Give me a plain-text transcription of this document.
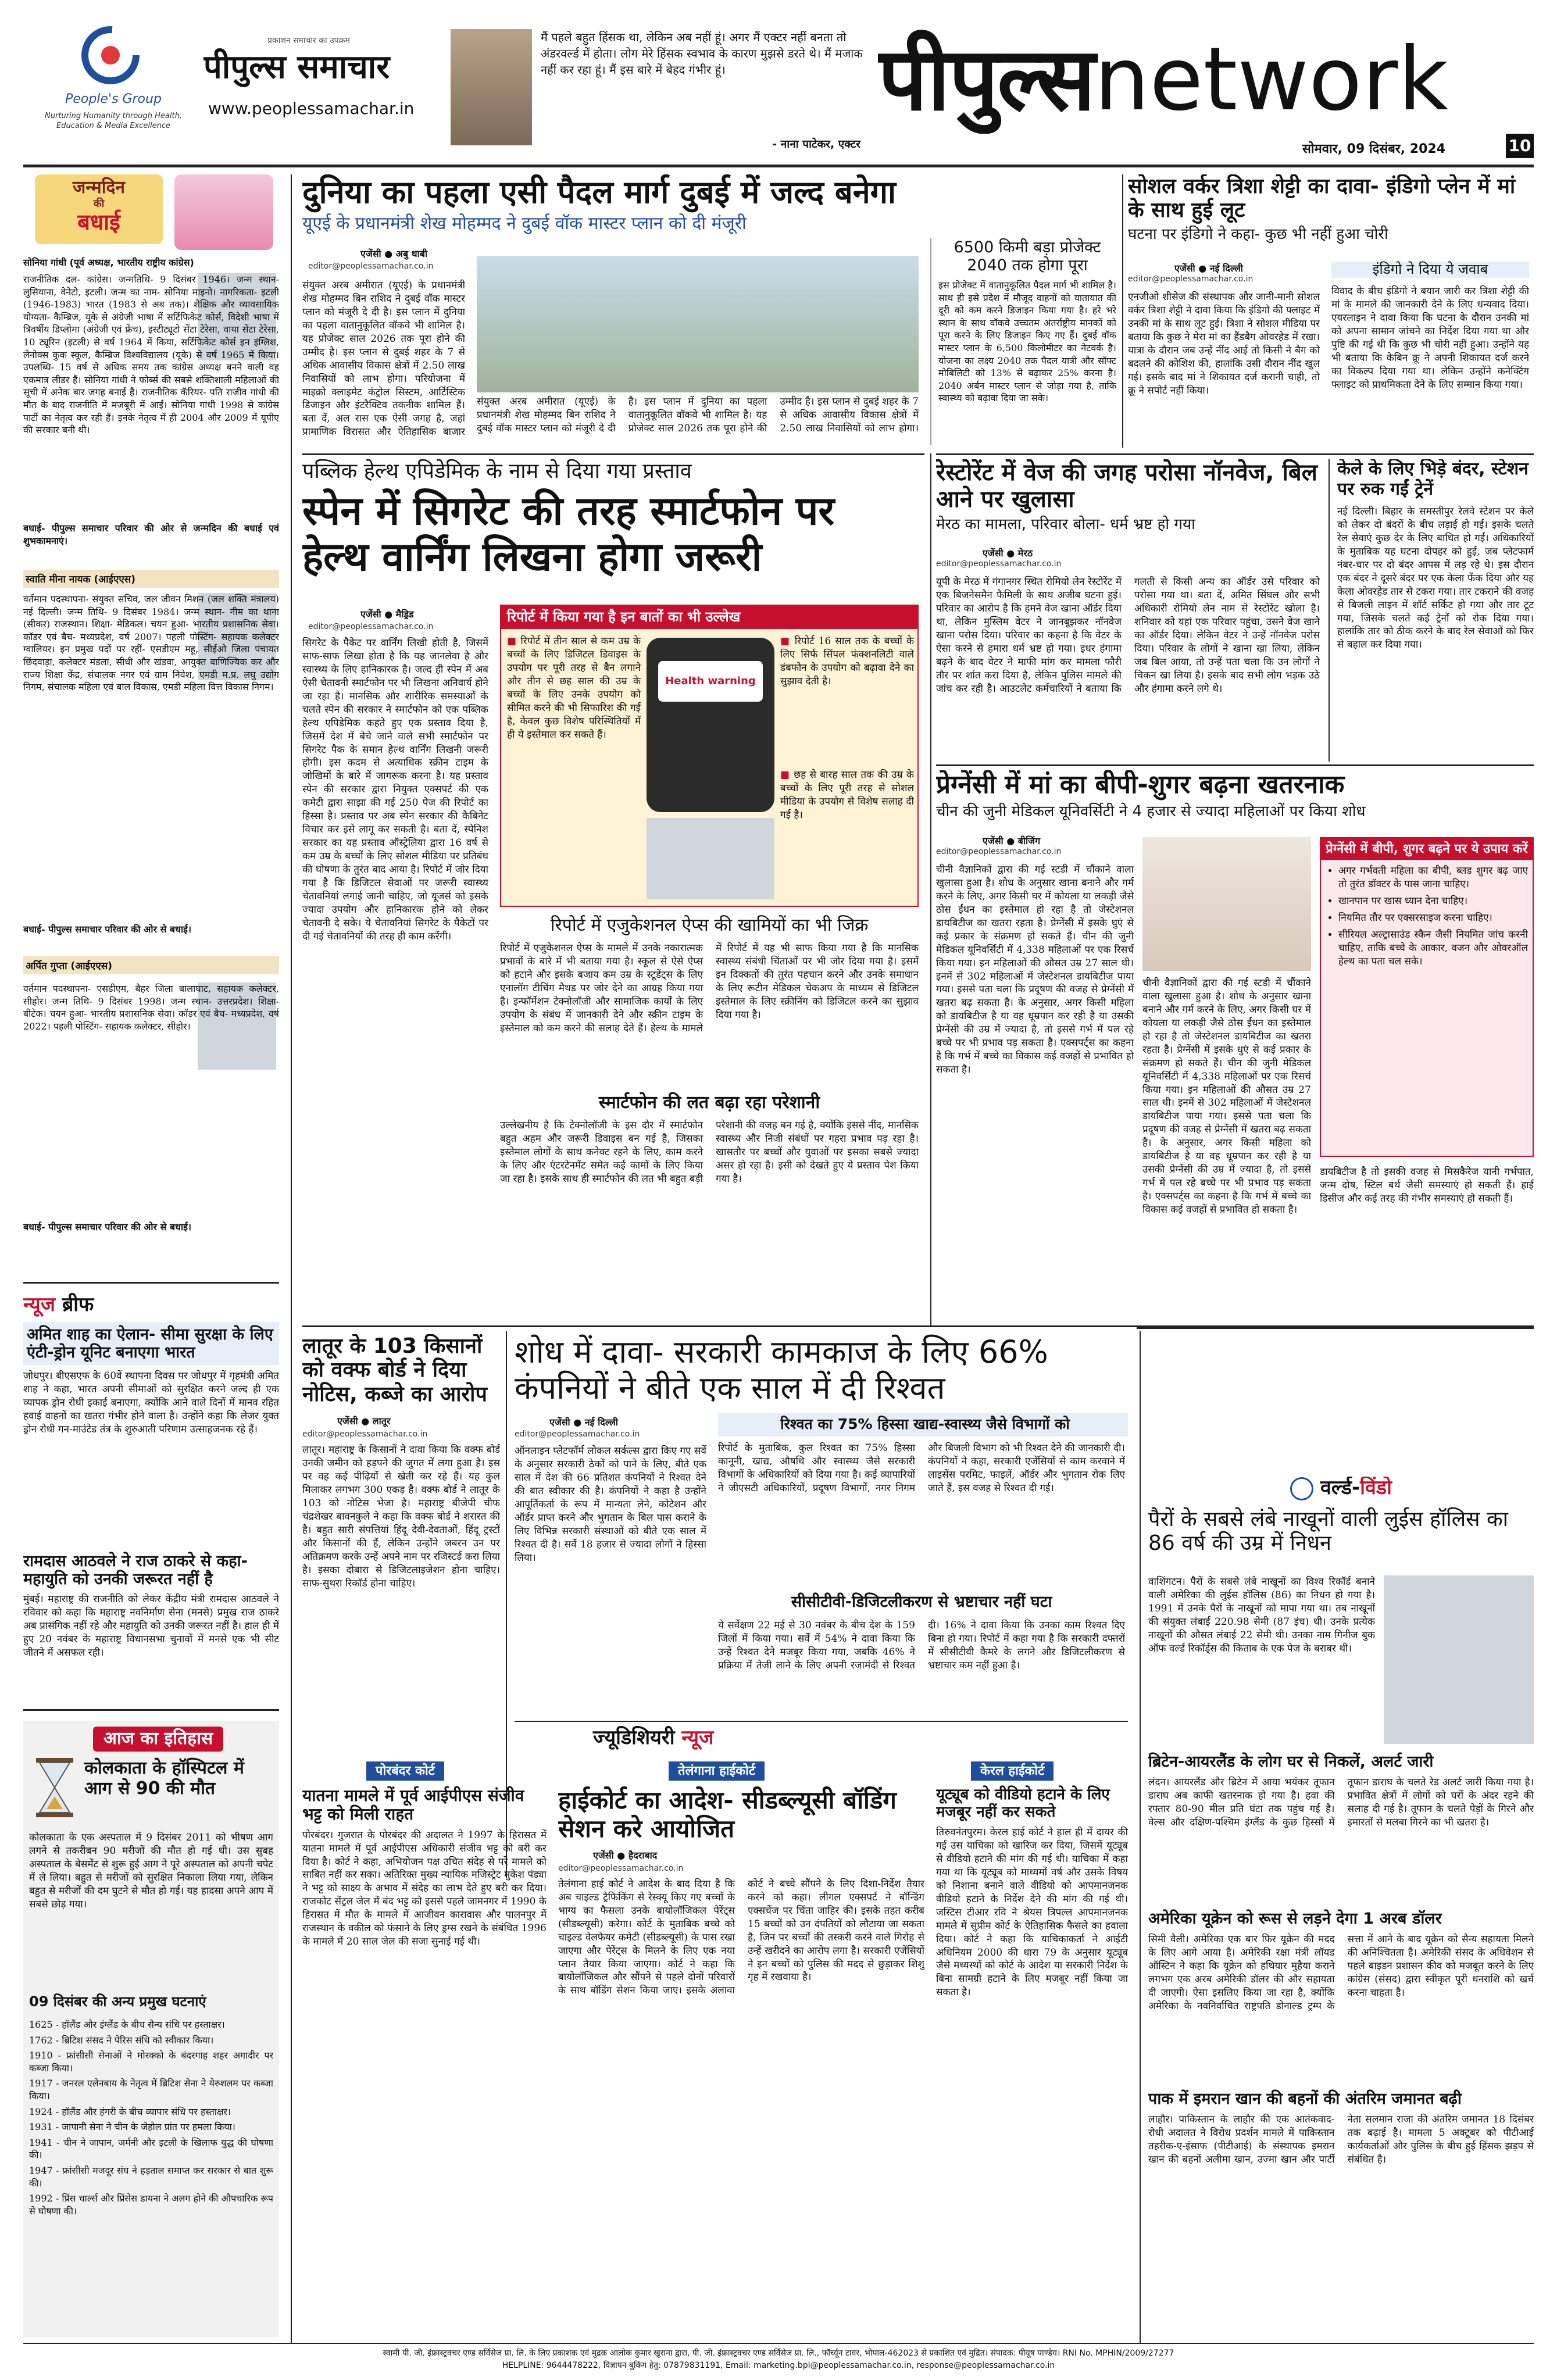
People's Group
Nurturing Humanity through Health, Education & Media Excellence
प्रकाशन समाचार का उपक्रम
पीपुल्स समाचार
www.peoplessamachar.in
मैं पहले बहुत हिंसक था, लेकिन अब नहीं हूं। अगर मैं एक्टर नहीं बनता तो अंडरवर्ल्ड में होता। लोग मेरे हिंसक स्वभाव के कारण मुझसे डरते थे। मैं मजाक नहीं कर रहा हूं। मैं इस बारे में बेहद गंभीर हूं।
- नाना पाटेकर, एक्टर
पीपुल्सnetwork
सोमवार, 09 दिसंबर, 2024	10
जन्मदिन
की
बधाई
सोनिया गांधी (पूर्व अध्यक्ष, भारतीय राष्ट्रीय कांग्रेस)
राजनीतिक दल- कांग्रेस। जन्मतिथि- 9 दिसंबर 1946। जन्म स्थान- लुसियाना, वेनेटो, इटली। जन्म का नाम- सोनिया माइनो। नागरिकता- इटली (1946-1983) भारत (1983 से अब तक)। शैक्षिक और व्यावसायिक योग्यता- कैम्ब्रिज, यूके से अंग्रेजी भाषा में सर्टिफिकेट कोर्स, विदेशी भाषा में त्रिवर्षीय डिप्लोमा (अंग्रेजी एवं फ्रेंच), इस्टीट्यूटो सेंटा टेरेसा, वाया सेंटा टेरेसा, 10 ट्यूरिन (इटली) से वर्ष 1964 में किया, सर्टिफिकेट कोर्स इन इंग्लिश, लेनोक्स कुक स्कूल, कैम्ब्रिज विश्वविद्यालय (यूके) से वर्ष 1965 में किया। उपलब्धि- 15 वर्ष से अधिक समय तक कांग्रेस अध्यक्ष बनने वाली वह एकमात्र लीडर हैं। सोनिया गांधी ने फोर्ब्स की सबसे शक्तिशाली महिलाओं की सूची में अनेक बार जगह बनाई है। राजनीतिक कॅरियर- पति राजीव गांधी की मौत के बाद राजनीति में मजबूरी में आईं। सोनिया गांधी 1998 से कांग्रेस पार्टी का नेतृत्व कर रही हैं। इनके नेतृत्व में ही 2004 और 2009 में यूपीए की सरकार बनी थी।
बधाई- पीपुल्स समाचार परिवार की ओर से जन्मदिन की बधाई एवं शुभकामनाएं।
स्वाति मीना नायक (आईएएस)
वर्तमान पदस्थापना- संयुक्त सचिव, जल जीवन मिशन (जल शक्ति मंत्रालय) नई दिल्ली। जन्म तिथि- 9 दिसंबर 1984। जन्म स्थान- नीम का थाना (सीकर) राजस्थान। शिक्षा- मेडिकल। चयन हुआ- भारतीय प्रशासनिक सेवा। कॉडर एवं बैच- मध्यप्रदेश, वर्ष 2007। पहली पोस्टिंग- सहायक कलेक्टर ग्वालियर। इन प्रमुख पदों पर रहीं- एसडीएम महू, सीईओ जिला पंचायत छिंदवाड़ा, कलेक्टर मंडला, सीधी और खंडवा, आयुक्त वाणिज्यिक कर और राज्य शिक्षा केंद्र, संचालक नगर एवं ग्राम निवेश, एमडी म.प्र. लघु उद्योग निगम, संचालक महिला एवं बाल विकास, एमडी महिला वित्त विकास निगम।
बधाई- पीपुल्स समाचार परिवार की ओर से बधाई।
अर्पित गुप्ता (आईएएस)
वर्तमान पदस्थापना- एसडीएम, बैहर जिला बालाघाट, सहायक कलेक्टर, सीहोर। जन्म तिथि- 9 दिसंबर 1998। जन्म स्थान- उत्तरप्रदेश। शिक्षा- बीटेक। चयन हुआ- भारतीय प्रशासनिक सेवा। कॉडर एवं बैच- मध्यप्रदेश, वर्ष 2022। पहली पोस्टिंग- सहायक कलेक्टर, सीहोर।
बधाई- पीपुल्स समाचार परिवार की ओर से बधाई।
न्यूज ब्रीफ
अमित शाह का ऐलान- सीमा सुरक्षा के लिए एंटी-ड्रोन यूनिट बनाएगा भारत
जोधपुर। बीएसएफ के 60वें स्थापना दिवस पर जोधपुर में गृहमंत्री अमित शाह ने कहा, भारत अपनी सीमाओं को सुरक्षित करने जल्द ही एक व्यापक ड्रोन रोधी इकाई बनाएगा, क्योंकि आने वाले दिनों में मानव रहित हवाई वाहनों का खतरा गंभीर होने वाला है। उन्होंने कहा कि लेजर युक्त ड्रोन रोधी गन-माउंटेड तंत्र के शुरुआती परिणाम उत्साहजनक रहे हैं।
रामदास आठवले ने राज ठाकरे से कहा- महायुति को उनकी जरूरत नहीं है
मुंबई। महाराष्ट्र की राजनीति को लेकर केंद्रीय मंत्री रामदास आठवले ने रविवार को कहा कि महाराष्ट्र नवनिर्माण सेना (मनसे) प्रमुख राज ठाकरे अब प्रासंगिक नहीं रहे और महायुति को उनकी जरूरत नहीं है। हाल ही में हुए 20 नवंबर के महाराष्ट्र विधानसभा चुनावों में मनसे एक भी सीट जीतने में असफल रही।
आज का इतिहास
कोलकाता के हॉस्पिटल में आग से 90 की मौत
कोलकाता के एक अस्पताल में 9 दिसंबर 2011 को भीषण आग लगने से तकरीबन 90 मरीजों की मौत हो गई थी। उस सुबह अस्पताल के बेसमेंट से शुरू हुई आग ने पूरे अस्पताल को अपनी चपेट में ले लिया। बहुत से मरीजों को सुरक्षित निकाला लिया गया, लेकिन बहुत से मरीजों की दम घुटने से मौत हो गई। यह हादसा अपने आप में सबसे छोड़ गया।
09 दिसंबर की अन्य प्रमुख घटनाएं
1625 - हॉलैंड और इंग्लैंड के बीच सैन्य संधि पर हस्ताक्षर।
1762 - ब्रिटिश संसद ने पेरिस संधि को स्वीकार किया।
1910 - फ्रांसीसी सेनाओं ने मोरक्को के बंदरगाह शहर अगादीर पर कब्जा किया।
1917 - जनरल एलेनबाय के नेतृत्व में ब्रिटिश सेना ने येरुशलम पर कब्जा किया।
1924 - हॉलैंड और हंगरी के बीच व्यापार संधि पर हस्ताक्षर।
1931 - जापानी सेना ने चीन के जेहोल प्रांत पर हमला किया।
1941 - चीन ने जापान, जर्मनी और इटली के खिलाफ युद्ध की घोषणा की।
1947 - फ्रांसीसी मजदूर संघ ने हड़ताल समाप्त कर सरकार से बात शुरू की।
1992 - प्रिंस चार्ल्स और प्रिंसेस डायना ने अलग होने की औपचारिक रूप से घोषणा की।
दुनिया का पहला एसी पैदल मार्ग दुबई में जल्द बनेगा
यूएई के प्रधानमंत्री शेख मोहम्मद ने दुबई वॉक मास्टर प्लान को दी मंजूरी
एजेंसी ● अबु धाबी
editor@peoplessamachar.co.in
संयुक्त अरब अमीरात (यूएई) के प्रधानमंत्री शेख मोहम्मद बिन राशिद ने दुबई वॉक मास्टर प्लान को मंजूरी दे दी है। इस प्लान में दुनिया का पहला वातानुकूलित वॉकवे भी शामिल है। यह प्रोजेक्ट साल 2026 तक पूरा होने की उम्मीद है। इस प्लान से दुबई शहर के 7 से अधिक आवासीय विकास क्षेत्रों में 2.50 लाख निवासियों को लाभ होगा। परियोजना में माइक्रो क्लाइमेट कंट्रोल सिस्टम, आर्टिस्टिक डिजाइन और इंटरैक्टिव तकनीक शामिल हैं। बता दें, अल रास एक ऐसी जगह है, जहां प्रामाणिक विरासत और ऐतिहासिक बाजार
संयुक्त अरब अमीरात (यूएई) के प्रधानमंत्री शेख मोहम्मद बिन राशिद ने दुबई वॉक मास्टर प्लान को मंजूरी दे दी है। इस प्लान में दुनिया का पहला वातानुकूलित वॉकवे भी शामिल है। यह प्रोजेक्ट साल 2026 तक पूरा होने की उम्मीद है। इस प्लान से दुबई शहर के 7 से अधिक आवासीय विकास क्षेत्रों में 2.50 लाख निवासियों को लाभ होगा।
6500 किमी बड़ा प्रोजेक्ट 2040 तक होगा पूरा
इस प्रोजेक्ट में वातानुकूलित पैदल मार्ग भी शामिल है। साथ ही इसे प्रदेश में मौजूद वाहनों को यातायात की दूरी को कम करने डिजाइन किया गया है। हरे भरे स्थान के साथ वॉकवे उच्चतम अंतर्राष्ट्रीय मानकों को पूरा करने के लिए डिजाइन किए गए हैं। दुबई वॉक मास्टर प्लान के 6,500 किलोमीटर का नेटवर्क है। योजना का लक्ष्य 2040 तक पैदल यात्री और सॉफ्ट मोबिलिटी को 13% से बढ़ाकर 25% करना है। 2040 अर्बन मास्टर प्लान से जोड़ा गया है, ताकि स्वास्थ्य को बढ़ावा दिया जा सके।
पब्लिक हेल्थ एपिडेमिक के नाम से दिया गया प्रस्ताव
स्पेन में सिगरेट की तरह स्मार्टफोन पर हेल्थ वार्निंग लिखना होगा जरूरी
एजेंसी ● मैड्रिड
editor@peoplessamachar.co.in
सिगरेट के पैकेट पर वार्निंग लिखी होती है, जिसमें साफ-साफ लिखा होता है कि यह जानलेवा है और स्वास्थ्य के लिए हानिकारक है। जल्द ही स्पेन में अब ऐसी चेतावनी स्मार्टफोन पर भी लिखना अनिवार्य होने जा रहा है। मानसिक और शारीरिक समस्याओं के चलते स्पेन की सरकार ने स्मार्टफोन को एक पब्लिक हेल्थ एपिडेमिक कहते हुए एक प्रस्ताव दिया है, जिसमें देश में बेचे जाने वाले सभी स्मार्टफोन पर सिगरेट पैक के समान हेल्थ वार्निंग लिखनी जरूरी होगी। इस कदम से अत्याधिक स्क्रीन टाइम के जोखिमों के बारे में जागरूक करना है। यह प्रस्ताव स्पेन की सरकार द्वारा नियुक्त एक्सपर्ट की एक कमेटी द्वारा साझा की गई 250 पेज की रिपोर्ट का हिस्सा है। प्रस्ताव पर अब स्पेन सरकार की कैबिनेट विचार कर इसे लागू कर सकती है। बता दें, स्पेनिश सरकार का यह प्रस्ताव ऑस्ट्रेलिया द्वारा 16 वर्ष से कम उम्र के बच्चों के लिए सोशल मीडिया पर प्रतिबंध की घोषणा के तुरंत बाद आया है। रिपोर्ट में जोर दिया गया है कि डिजिटल सेवाओं पर जरूरी स्वास्थ्य चेतावनियां लगाई जानी चाहिए, जो यूजर्स को इसके ज्यादा उपयोग और हानिकारक होने को लेकर चेतावनी दे सके। ये चेतावनियां सिगरेट के पैकेटों पर दी गई चेतावनियों की तरह ही काम करेंगी।
रिपोर्ट में किया गया है इन बातों का भी उल्लेख
■ रिपोर्ट में तीन साल से कम उम्र के बच्चों के लिए डिजिटल डिवाइस के उपयोग पर पूरी तरह से बैन लगाने और तीन से छह साल की उम्र के बच्चों के लिए उनके उपयोग को सीमित करने की भी सिफारिश की गई है, केवल कुछ विशेष परिस्थितियों में ही ये इस्तेमाल कर सकते हैं।
Health warning
■ रिपोर्ट 16 साल तक के बच्चों के लिए सिर्फ सिंपल फंक्शनलिटी वाले डंबफोन के उपयोग को बढ़ावा देने का सुझाव देती है।
■ छह से बारह साल तक की उम्र के बच्चों के लिए पूरी तरह से सोशल मीडिया के उपयोग से विशेष सलाह दी गई है।
रिपोर्ट में एजुकेशनल ऐप्स की खामियों का भी जिक्र
रिपोर्ट में एजुकेशनल ऐप्स के मामले में उनके नकारात्मक प्रभावों के बारे में भी बताया गया है। स्कूल से ऐसे ऐप्स को हटाने और इसके बजाय कम उम्र के स्टूडेंट्स के लिए एनालॉग टीचिंग मैथड पर जोर देने का आग्रह किया गया है। इन्फॉर्मेशन टेक्नोलॉजी और सामाजिक कार्यों के लिए उपयोग के संबंध में जानकारी देने और स्क्रीन टाइम के इस्तेमाल को कम करने की सलाह देते हैं। हेल्थ के मामले में रिपोर्ट में यह भी साफ किया गया है कि मानसिक स्वास्थ्य संबंधी चिंताओं पर भी जोर दिया गया है। इसमें इन दिक्कतों की तुरंत पहचान करने और उनके समाधान के लिए रूटीन मेडिकल चेकअप के माध्यम से डिजिटल इस्तेमाल के लिए स्क्रीनिंग को डिजिटल करने का सुझाव दिया गया है।
स्मार्टफोन की लत बढ़ा रहा परेशानी
उल्लेखनीय है कि टेक्नोलॉजी के इस दौर में स्मार्टफोन बहुत अहम और जरूरी डिवाइस बन गई है, जिसका इस्तेमाल लोगों के साथ कनेक्ट रहने के लिए, काम करने के लिए और एंटरटेनमेंट समेत कई कामों के लिए किया जा रहा है। इसके साथ ही स्मार्टफोन की लत भी बहुत बड़ी परेशानी की वजह बन गई है, क्योंकि इससे नींद, मानसिक स्वास्थ्य और निजी संबंधों पर गहरा प्रभाव पड़ रहा है। खासतौर पर बच्चों और युवाओं पर इसका सबसे ज्यादा असर हो रहा है। इसी को देखते हुए ये प्रस्ताव पेश किया गया है।
सोशल वर्कर त्रिशा शेट्टी का दावा- इंडिगो प्लेन में मां के साथ हुई लूट
घटना पर इंडिगो ने कहा- कुछ भी नहीं हुआ चोरी
एजेंसी ● नई दिल्ली
editor@peoplessamachar.co.in
एनजीओ शीसेज की संस्थापक और जानी-मानी सोशल वर्कर त्रिशा शेट्टी ने दावा किया कि इंडिगो की फ्लाइट में उनकी मां के साथ लूट हुई। त्रिशा ने सोशल मीडिया पर बताया कि कुछ ने मेरा मां का हैंडबैग ओवरहेड में रखा। यात्रा के दौरान जब उन्हें नींद आई तो किसी ने बैग को बदलने की कोशिश की, हालांकि उसी दौरान नींद खुल गई। इसके बाद मां ने शिकायत दर्ज करानी चाही, तो क्रू ने सपोर्ट नहीं किया।
इंडिगो ने दिया ये जवाब
विवाद के बीच इंडिगो ने बयान जारी कर त्रिशा शेट्टी की मां के मामले की जानकारी देने के लिए धन्यवाद दिया। एयरलाइन ने दावा किया कि घटना के दौरान उनकी मां को अपना सामान जांचने का निर्देश दिया गया था और पुष्टि की गई थी कि कुछ भी चोरी नहीं हुआ। उन्होंने यह भी बताया कि केबिन क्रू ने अपनी शिकायत दर्ज करने का विकल्प दिया गया था। लेकिन उन्होंने कनेक्टिंग फ्लाइट को प्राथमिकता देने के लिए सम्मान किया गया।
रेस्टोरेंट में वेज की जगह परोसा नॉनवेज, बिल आने पर खुलासा
मेरठ का मामला, परिवार बोला- धर्म भ्रष्ट हो गया
एजेंसी ● मेरठ
editor@peoplessamachar.co.in
यूपी के मेरठ में गंगानगर स्थित रोमियो लेन रेस्टोरेंट में एक बिजनेसमैन फैमिली के साथ अजीब घटना हुई। परिवार का आरोप है कि हमने वेज खाना ऑर्डर दिया था, लेकिन मुस्लिम वेटर ने जानबूझकर नॉनवेज खाना परोस दिया। परिवार का कहना है कि वेटर के ऐसा करने से हमारा धर्म भ्रष्ट हो गया। इधर हंगामा बढ़ने के बाद वेटर ने माफी मांग कर मामला फौरी तौर पर शांत करा दिया है, लेकिन पुलिस मामले की जांच कर रही है। आउटलेट कर्मचारियों ने बताया कि गलती से किसी अन्य का ऑर्डर उसे परिवार को परोसा गया था। बता दें, अमित सिंघल और सभी अधिकारी रोमियो लेन नाम से रेस्टोरेंट खोला है। शनिवार को यहां एक परिवार पहुंचा, उसने वेज खाने का ऑर्डर दिया। लेकिन वेटर ने उन्हें नॉनवेज परोस दिया। परिवार के लोगों ने खाना खा लिया, लेकिन जब बिल आया, तो उन्हें पता चला कि उन लोगों ने चिकन खा लिया है। इसके बाद सभी लोग भड़क उठे और हंगामा करने लगे थे।
केले के लिए भिड़े बंदर, स्टेशन पर रुक गईं ट्रेनें
नई दिल्ली। बिहार के समस्तीपुर रेलवे स्टेशन पर केले को लेकर दो बंदरों के बीच लड़ाई हो गई। इसके चलते रेल सेवाएं कुछ देर के लिए बाधित हो गईं। अधिकारियों के मुताबिक यह घटना दोपहर को हुई, जब प्लेटफार्म नंबर-चार पर दो बंदर आपस में लड़ रहे थे। इस दौरान एक बंदर ने दूसरे बंदर पर एक केला फेंक दिया और यह केला ओवरहेड तार से टकरा गया। तार टकराने की वजह से बिजली लाइन में शॉर्ट सर्किट हो गया और तार टूट गया, जिसके चलते कई ट्रेनों को रोक दिया गया। हालांकि तार को ठीक करने के बाद रेल सेवाओं को फिर से बहाल कर दिया गया।
प्रेग्नेंसी में मां का बीपी-शुगर बढ़ना खतरनाक
चीन की जुनी मेडिकल यूनिवर्सिटी ने 4 हजार से ज्यादा महिलाओं पर किया शोध
एजेंसी ● बीजिंग
editor@peoplessamachar.co.in
चीनी वैज्ञानिकों द्वारा की गई स्टडी में चौंकाने वाला खुलासा हुआ है। शोध के अनुसार खाना बनाने और गर्म करने के लिए, अगर किसी घर में कोयला या लकड़ी जैसे ठोस ईंधन का इस्तेमाल हो रहा है तो जेस्टेशनल डायबिटीज का खतरा रहता है। प्रेग्नेंसी में इसके धुएं से कई प्रकार के संक्रमण हो सकते हैं। चीन की जुनी मेडिकल यूनिवर्सिटी में 4,338 महिलाओं पर एक रिसर्च किया गया। इन महिलाओं की औसत उम्र 27 साल थी। इनमें से 302 महिलाओं में जेस्टेशनल डायबिटीज पाया गया। इससे पता चला कि प्रदूषण की वजह से प्रेग्नेंसी में खतरा बढ़ सकता है। के अनुसार, अगर किसी महिला को डायबिटीज है या वह धूम्रपान कर रही है या उसकी प्रेग्नेंसी की उम्र में ज्यादा है, तो इससे गर्भ में पल रहे बच्चे पर भी प्रभाव पड़ सकता है। एक्सपर्ट्स का कहना है कि गर्भ में बच्चे का विकास कई वजहों से प्रभावित हो सकता है।
चीनी वैज्ञानिकों द्वारा की गई स्टडी में चौंकाने वाला खुलासा हुआ है। शोध के अनुसार खाना बनाने और गर्म करने के लिए, अगर किसी घर में कोयला या लकड़ी जैसे ठोस ईंधन का इस्तेमाल हो रहा है तो जेस्टेशनल डायबिटीज का खतरा रहता है। प्रेग्नेंसी में इसके धुएं से कई प्रकार के संक्रमण हो सकते हैं। चीन की जुनी मेडिकल यूनिवर्सिटी में 4,338 महिलाओं पर एक रिसर्च किया गया। इन महिलाओं की औसत उम्र 27 साल थी। इनमें से 302 महिलाओं में जेस्टेशनल डायबिटीज पाया गया। इससे पता चला कि प्रदूषण की वजह से प्रेग्नेंसी में खतरा बढ़ सकता है। के अनुसार, अगर किसी महिला को डायबिटीज है या वह धूम्रपान कर रही है या उसकी प्रेग्नेंसी की उम्र में ज्यादा है, तो इससे गर्भ में पल रहे बच्चे पर भी प्रभाव पड़ सकता है। एक्सपर्ट्स का कहना है कि गर्भ में बच्चे का विकास कई वजहों से प्रभावित हो सकता है।
प्रेग्नेंसी में बीपी, शुगर बढ़ने पर ये उपाय करें
• अगर गर्भवती महिला का बीपी, ब्लड शुगर बढ़ जाए तो तुरंत डॉक्टर के पास जाना चाहिए।
• खानपान पर खास ध्यान देना चाहिए।
• नियमित तौर पर एक्सरसाइज करना चाहिए।
• सीरियल अल्ट्रासाउंड स्कैन जैसी नियमित जांच करनी चाहिए, ताकि बच्चे के आकार, वजन और ओवरऑल हेल्थ का पता चल सके।
डायबिटीज है तो इसकी वजह से मिसकैरेज यानी गर्भपात, जन्म दोष, स्टिल बर्थ जैसी समस्याएं हो सकती हैं। हाई डिसीज और कई तरह की गंभीर समस्याएं हो सकती हैं।
लातूर के 103 किसानों को वक्फ बोर्ड ने दिया नोटिस, कब्जे का आरोप
एजेंसी ● लातूर
editor@peoplessamachar.co.in
लातूर। महाराष्ट्र के किसानों ने दावा किया कि वक्फ बोर्ड उनकी जमीन को हड़पने की जुगत में लगा हुआ है। इस पर वह कई पीढ़ियों से खेती कर रहे हैं। यह कुल मिलाकर लगभग 300 एकड़ है। वक्फ बोर्ड ने लातूर के 103 को नोटिस भेजा है। महाराष्ट्र बीजेपी चीफ चंद्रशेखर बावनकुले ने कहा कि वक्फ बोर्ड ने शरारत की है। बहुत सारी संपत्तियां हिंदू देवी-देवताओं, हिंदू ट्रस्टों और किसानों की हैं, लेकिन उन्होंने जबरन उन पर अतिक्रमण करके उन्हें अपने नाम पर रजिस्टर्ड करा लिया है। इसका दोबारा से डिजिटलाइजेशन होना चाहिए। साफ-सुथरा रिकॉर्ड होना चाहिए।
शोध में दावा- सरकारी कामकाज के लिए 66% कंपनियों ने बीते एक साल में दी रिश्वत
एजेंसी ● नई दिल्ली
editor@peoplessamachar.co.in
ऑनलाइन प्लेटफॉर्म लोकल सर्कल्स द्वारा किए गए सर्वे के अनुसार सरकारी ठेकों को पाने के लिए, बीते एक साल में देश की 66 प्रतिशत कंपनियों ने रिश्वत देने की बात स्वीकार की है। कंपनियों ने कहा है उन्होंने आपूर्तिकर्ता के रूप में मान्यता लेने, कोटेशन और ऑर्डर प्राप्त करने और भुगतान के बिल पास कराने के लिए विभिन्न सरकारी संस्थाओं को बीते एक साल में रिश्वत दी है। सर्वे 18 हजार से ज्यादा लोगों ने हिस्सा लिया।
रिश्वत का 75% हिस्सा खाद्य-स्वास्थ्य जैसे विभागों को
रिपोर्ट के मुताबिक, कुल रिश्वत का 75% हिस्सा कानूनी, खाद्य, औषधि और स्वास्थ्य जैसे सरकारी विभागों के अधिकारियों को दिया गया है। कई व्यापारियों ने जीएसटी अधिकारियों, प्रदूषण विभागों, नगर निगम और बिजली विभाग को भी रिश्वत देने की जानकारी दी। कंपनियों ने कहा, सरकारी एजेंसियों से काम करवाने में लाइसेंस परमिट, फाइलें, ऑर्डर और भुगतान रोक लिए जाते हैं, इस वजह से रिश्वत दी गई।
सीसीटीवी-डिजिटलीकरण से भ्रष्टाचार नहीं घटा
ये सर्वेक्षण 22 मई से 30 नवंबर के बीच देश के 159 जिलों में किया गया। सर्वे में 54% ने दावा किया कि उन्हें रिश्वत देने मजबूर किया गया, जबकि 46% ने प्रक्रिया में तेजी लाने के लिए अपनी रजामंदी से रिश्वत दी। 16% ने दावा किया कि उनका काम रिश्वत दिए बिना हो गया। रिपोर्ट में कहा गया है कि सरकारी दफ्तरों में सीसीटीवी कैमरे के लगने और डिजिटलीकरण से भ्रष्टाचार कम नहीं हुआ है।
ज्यूडिशियरी न्यूज
पोरबंदर कोर्ट
यातना मामले में पूर्व आईपीएस संजीव भट्ट को मिली राहत
पोरबंदर। गुजरात के पोरबंदर की अदालत ने 1997 के हिरासत में यातना मामले में पूर्व आईपीएस अधिकारी संजीव भट्ट को बरी कर दिया है। कोर्ट ने कहा, अभियोजन पक्ष उचित संदेह से परे मामले को साबित नहीं कर सका। अतिरिक्त मुख्य न्यायिक मजिस्ट्रेट मुकेश पंड्या ने भट्ट को साक्ष्य के अभाव में संदेह का लाभ देते हुए बरी कर दिया। राजकोट सेंट्रल जेल में बंद भट्ट को इससे पहले जामनगर में 1990 के हिरासत में मौत के मामले में आजीवन कारावास और पालनपुर में राजस्थान के वकील को फंसाने के लिए ड्रग्स रखने के संबंधित 1996 के मामले में 20 साल जेल की सजा सुनाई गई थी।
तेलंगाना हाईकोर्ट
हाईकोर्ट का आदेश- सीडब्ल्यूसी बॉडिंग सेशन करे आयोजित
एजेंसी ● हैदराबाद
editor@peoplessamachar.co.in
तेलंगाना हाई कोर्ट ने आदेश के बाद दिया है कि अब चाइल्ड ट्रैफिकिंग से रेस्क्यू किए गए बच्चों के भाग्य का फैसला उनके बायोलॉजिकल पेरेंट्स (सीडब्ल्यूसी) करेगा। कोर्ट के मुताबिक बच्चे को चाइल्ड वेलफेयर कमेटी (सीडब्ल्यूसी) के पास रखा जाएगा और पेरेंट्स के मिलने के लिए एक नया प्लान तैयार किया जाएगा। कोर्ट ने कहा कि बायोलॉजिकल और सौंपने से पहले दोनों परिवारों के साथ बॉडिंग सेशन किया जाए। इसके अलावा कोर्ट ने बच्चे सौंपने के लिए दिशा-निर्देश तैयार करने को कहा। लीगल एक्सपर्ट ने बॉन्डिंग एक्सचेंज पर चिंता जाहिर की। इसके तहत करीब 15 बच्चों को उन दंपतियों को लौटाया जा सकता है, जिन पर बच्चों की तस्करी करने वाले गिरोह से उन्हें खरीदने का आरोप लगा है। सरकारी एजेंसियों ने इन बच्चों को पुलिस की मदद से छुड़ाकर शिशु गृह में रखवाया है।
केरल हाईकोर्ट
यूट्यूब को वीडियो हटाने के लिए मजबूर नहीं कर सकते
तिरुवनंतपुरम। केरल हाई कोर्ट ने हाल ही में दायर की गई उस याचिका को खारिज कर दिया, जिसमें यूट्यूब से वीडियो हटाने की मांग की गई थी। याचिका में कहा गया था कि यूट्यूब को माध्यमों वर्ष और उसके विषय को निशाना बनाने वाले वीडियो को आपमानजनक वीडियो हटाने के निर्देश देने की मांग की गई थी। जस्टिस टीआर रवि ने श्रेयस त्रिपल्ल आपमानजनक मामले में सुप्रीम कोर्ट के ऐतिहासिक फैसले का हवाला दिया। कोर्ट ने कहा कि याचिकाकर्ता ने आईटी अधिनियम 2000 की धारा 79 के अनुसार यूट्यूब जैसे मध्यस्थों को कोर्ट के आदेश या सरकारी निर्देश के बिना सामग्री हटाने के लिए मजबूर नहीं किया जा सकता है।
वर्ल्ड-विंडो
पैरों के सबसे लंबे नाखूनों वाली लुईस हॉलिस का 86 वर्ष की उम्र में निधन
वाशिंगटन। पैरों के सबसे लंबे नाखूनों का विश्व रिकॉर्ड बनाने वाली अमेरिका की लुईस हॉलिस (86) का निधन हो गया है। 1991 में उनके पैरों के नाखूनों को मापा गया था। तब नाखूनों की संयुक्त लंबाई 220.98 सेमी (87 इंच) थी। उनके प्रत्येक नाखूनों की औसत लंबाई 22 सेमी थी। उनका नाम गिनीज बुक ऑफ वर्ल्ड रिकॉर्ड्स की किताब के एक पेज के बराबर थी।
ब्रिटेन-आयरलैंड के लोग घर से निकलें, अलर्ट जारी
लंदन। आयरलैंड और ब्रिटेन में आया भयंकर तूफान डाराघ अब काफी खतरनाक हो गया है। हवा की रफ्तार 80-90 मील प्रति घंटा तक पहुंच गई है। वेल्स और दक्षिण-पश्चिम इंग्लैंड के कुछ हिस्सों में तूफान डाराघ के चलते रेड अलर्ट जारी किया गया है। प्रभावित क्षेत्रों में लोगों को घरों के अंदर रहने की सलाह दी गई है। तूफान के चलते पेड़ों के गिरने और इमारतों से मलबा गिरने का भी खतरा है।
अमेरिका यूक्रेन को रूस से लड़ने देगा 1 अरब डॉलर
सिमी वैली। अमेरिका एक बार फिर यूक्रेन की मदद के लिए आगे आया है। अमेरिकी रक्षा मंत्री लॉयड ऑस्टिन ने कहा कि यूक्रेन को हथियार मुहैया कराने लगभग एक अरब अमेरिकी डॉलर की और सहायता दी जाएगी। ऐसा इसलिए किया जा रहा है, क्योंकि अमेरिका के नवनिर्वाचित राष्ट्रपति डोनाल्ड ट्रम्प के सत्ता में आने के बाद यूक्रेन को सैन्य सहायता मिलने की अनिश्चितता है। अमेरिकी संसद के अधिवेशन से पहले बाइडन प्रशासन कीव को मजबूत करने के लिए कांग्रेस (संसद) द्वारा स्वीकृत पूरी धनराशि को खर्च करना चाहता है।
पाक में इमरान खान की बहनों की अंतरिम जमानत बढ़ी
लाहौर। पाकिस्तान के लाहौर की एक आतंकवाद-रोधी अदालत ने विरोध प्रदर्शन मामले में पाकिस्तान तहरीक-ए-इंसाफ (पीटीआई) के संस्थापक इमरान खान की बहनों अलीमा खान, उज्मा खान और पार्टी नेता सलमान राजा की अंतरिम जमानत 18 दिसंबर तक बढ़ाई है। मामला 5 अक्टूबर को पीटीआई कार्यकर्ताओं और पुलिस के बीच हुई हिंसक झड़प से संबंधित है।
स्वामी पी. जी. इंफ्रास्ट्रक्चर एण्ड सर्विसेज प्रा. लि. के लिए प्रकाशक एवं मुद्रक आलोक कुमार खुराना द्वारा, पी. जी. इंफ्रास्ट्रक्चर एण्ड सर्विसेज प्रा. लि., फॉर्च्यून टावर, भोपाल-462023 से प्रकाशित एवं मुद्रित। संपादक: पीयूष पाण्डेय। RNI No. MPHIN/2009/27277
HELPLINE: 9644478222, विज्ञापन बुकिंग हेतु: 07879831191, Email: marketing.bpl@peoplessamachar.co.in, response@peoplessamachar.co.in
